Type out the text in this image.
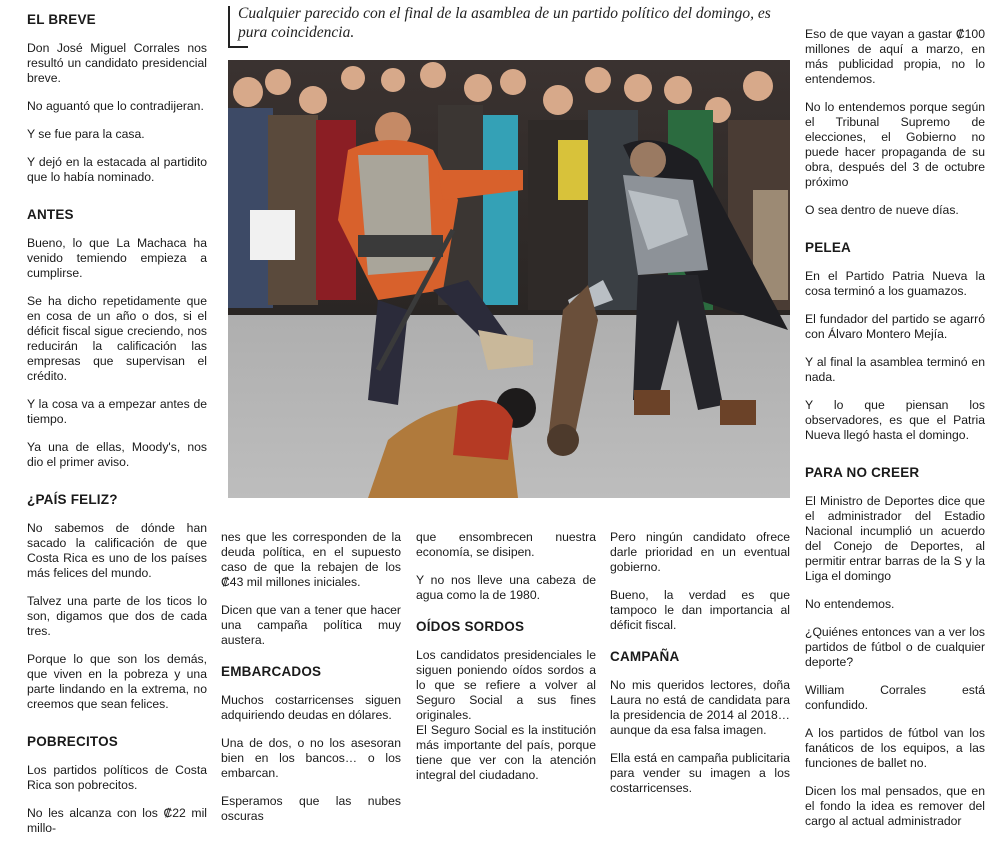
EL BREVE

Don José Miguel Corrales nos resultó un candidato presidencial breve.

No aguantó que lo contradijeran.

Y se fue para la casa.

Y dejó en la estacada al partidito que lo había nominado.

ANTES

Bueno, lo que La Machaca ha venido temiendo empieza a cumplirse.

Se ha dicho repetidamente que en cosa de un año o dos, si el déficit fiscal sigue creciendo, nos reducirán la calificación las empresas que supervisan el crédito.

Y la cosa va a empezar antes de tiempo.

Ya una de ellas, Moody's, nos dio el primer aviso.

¿PAÍS FELIZ?

No sabemos de dónde han sacado la calificación de que Costa Rica es uno de los países más felices del mundo.

Talvez una parte de los ticos lo son, digamos que dos de cada tres.

Porque lo que son los demás, que viven en la pobreza y una parte lindando en la extrema, no creemos que sean felices.

POBRECITOS

Los partidos políticos de Costa Rica son pobrecitos.

No les alcanza con los ₡22 mil millo-

Cualquier parecido con el final de la asamblea de un partido político del domingo, es pura coincidencia.

nes que les corresponden de la deuda política, en el supuesto caso de que la rebajen de los ₡43 mil millones iniciales.

Dicen que van a tener que hacer una campaña política muy austera.

EMBARCADOS

Muchos costarricenses siguen adquiriendo deudas en dólares.

Una de dos, o no los asesoran bien en los bancos… o los embarcan.

Esperamos que las nubes oscuras

que ensombrecen nuestra economía, se disipen.

Y no nos lleve una cabeza de agua como la de 1980.

OÍDOS SORDOS

Los candidatos presidenciales le siguen poniendo oídos sordos a lo que se refiere a volver al Seguro Social a sus fines originales.

El Seguro Social es la institución más importante del país, porque tiene que ver con la atención integral del ciudadano.

Pero ningún candidato ofrece darle prioridad en un eventual gobierno.

Bueno, la verdad es que tampoco le dan importancia al déficit fiscal.

CAMPAÑA

No mis queridos lectores, doña Laura no está de candidata para la presidencia de 2014 al 2018… aunque da esa falsa imagen.

Ella está en campaña publicitaria para vender su imagen a los costarricenses.

Eso de que vayan a gastar ₡100 millones de aquí a marzo, en más publicidad propia, no lo entendemos.

No lo entendemos porque según el Tribunal Supremo de elecciones, el Gobierno no puede hacer propaganda de su obra, después del 3 de octubre próximo

O sea dentro de nueve días.

PELEA

En el Partido Patria Nueva la cosa terminó a los guamazos.

El fundador del partido se agarró con Álvaro Montero Mejía.

Y al final la asamblea terminó en nada.

Y lo que piensan los observadores, es que el Patria Nueva llegó hasta el domingo.

PARA NO CREER

El Ministro de Deportes dice que el administrador del Estadio Nacional incumplió un acuerdo del Conejo de Deportes, al permitir entrar barras de la S y la Liga el domingo

No entendemos.

¿Quiénes entonces van a ver los partidos de fútbol o de cualquier deporte?

William Corrales está confundido.

A los partidos de fútbol van los fanáticos de los equipos, a las funciones de ballet no.

Dicen los mal pensados, que en el fondo la idea es remover del cargo al actual administrador
